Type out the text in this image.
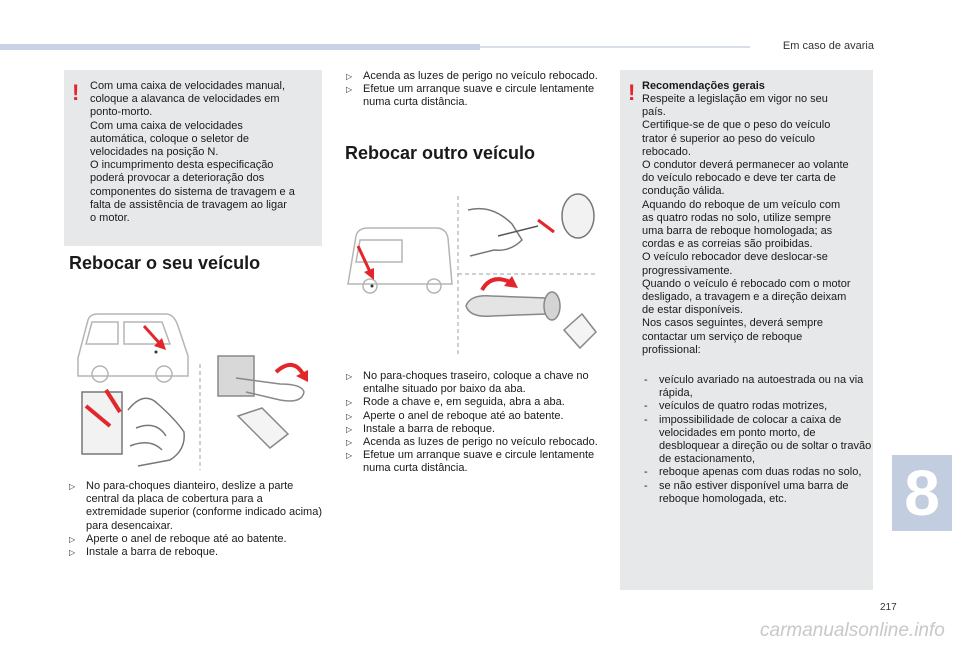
Em caso de avaria
! Com uma caixa de velocidades manual,
coloque a alavanca de velocidades em
ponto-morto.
Com uma caixa de velocidades
automática, coloque o seletor de
velocidades na posição N.
O incumprimento desta especificação
poderá provocar a deterioração dos
componentes do sistema de travagem e a
falta de assistência de travagem ao ligar
o motor.
Rebocar o seu veículo
▷ No para-choques dianteiro, deslize a parte central da placa de cobertura para a extremidade superior (conforme indicado acima) para desencaixar.
▷ Aperte o anel de reboque até ao batente.
▷ Instale a barra de reboque.
▷ Acenda as luzes de perigo no veículo rebocado.
▷ Efetue um arranque suave e circule lentamente numa curta distância.
Rebocar outro veículo
▷ No para-choques traseiro, coloque a chave no entalhe situado por baixo da aba.
▷ Rode a chave e, em seguida, abra a aba.
▷ Aperte o anel de reboque até ao batente.
▷ Instale a barra de reboque.
▷ Acenda as luzes de perigo no veículo rebocado.
▷ Efetue um arranque suave e circule lentamente numa curta distância.
! Recomendações gerais
Respeite a legislação em vigor no seu
país.
Certifique-se de que o peso do veículo
trator é superior ao peso do veículo
rebocado.
O condutor deverá permanecer ao volante
do veículo rebocado e deve ter carta de
condução válida.
Aquando do reboque de um veículo com
as quatro rodas no solo, utilize sempre
uma barra de reboque homologada; as
cordas e as correias são proibidas.
O veículo rebocador deve deslocar-se
progressivamente.
Quando o veículo é rebocado com o motor
desligado, a travagem e a direção deixam
de estar disponíveis.
Nos casos seguintes, deverá sempre
contactar um serviço de reboque
profissional:
- veículo avariado na autoestrada ou na via rápida,
- veículos de quatro rodas motrizes,
- impossibilidade de colocar a caixa de velocidades em ponto morto, de desbloquear a direção ou de soltar o travão de estacionamento,
- reboque apenas com duas rodas no solo,
- se não estiver disponível uma barra de reboque homologada, etc.	8
217
carmanualsonline.info
